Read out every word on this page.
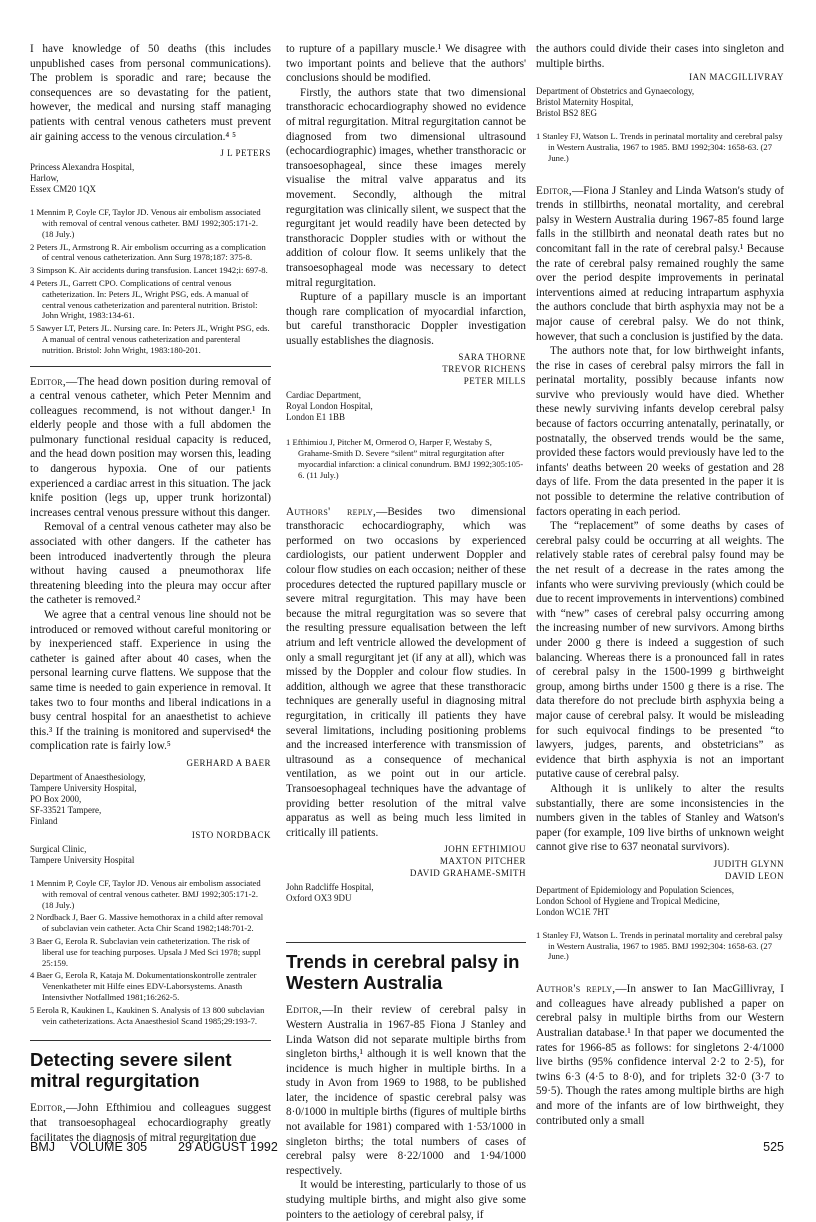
I have knowledge of 50 deaths (this includes unpublished cases from personal communications). The problem is sporadic and rare; because the consequences are so devastating for the patient, however, the medical and nursing staff managing patients with central venous catheters must prevent air gaining access to the venous circulation.⁴ ⁵

J L PETERS
Princess Alexandra Hospital,
Harlow,
Essex CM20 1QX
1 Mennim P, Coyle CF, Taylor JD. Venous air embolism associated with removal of central venous catheter. BMJ 1992;305:171-2. (18 July.)
2 Peters JL, Armstrong R. Air embolism occurring as a complication of central venous catheterization. Ann Surg 1978;187: 375-8.
3 Simpson K. Air accidents during transfusion. Lancet 1942;i: 697-8.
4 Peters JL, Garrett CPO. Complications of central venous catheterization. In: Peters JL, Wright PSG, eds. A manual of central venous catheterization and parenteral nutrition. Bristol: John Wright, 1983:134-61.
5 Sawyer LT, Peters JL. Nursing care. In: Peters JL, Wright PSG, eds. A manual of central venous catheterization and parenteral nutrition. Bristol: John Wright, 1983:180-201.

Editor,—The head down position during removal of a central venous catheter, which Peter Mennim and colleagues recommend, is not without danger.¹ In elderly people and those with a full abdomen the pulmonary functional residual capacity is reduced, and the head down position may worsen this, leading to dangerous hypoxia. One of our patients experienced a cardiac arrest in this situation. The jack knife position (legs up, upper trunk horizontal) increases central venous pressure without this danger.

Removal of a central venous catheter may also be associated with other dangers. If the catheter has been introduced inadvertently through the pleura without having caused a pneumothorax life threatening bleeding into the pleura may occur after the catheter is removed.²

We agree that a central venous line should not be introduced or removed without careful monitoring or by inexperienced staff. Experience in using the catheter is gained after about 40 cases, when the personal learning curve flattens. We suppose that the same time is needed to gain experience in removal. It takes two to four months and liberal indications in a busy central hospital for an anaesthetist to achieve this.³ If the training is monitored and supervised⁴ the complication rate is fairly low.⁵

GERHARD A BAER
Department of Anaesthesiology,
Tampere University Hospital,
PO Box 2000,
SF-33521 Tampere,
Finland
ISTO NORDBACK
Surgical Clinic,
Tampere University Hospital
1 Mennim P, Coyle CF, Taylor JD. Venous air embolism associated with removal of central venous catheter. BMJ 1992;305:171-2. (18 July.)
2 Nordback J, Baer G. Massive hemothorax in a child after removal of subclavian vein catheter. Acta Chir Scand 1982;148:701-2.
3 Baer G, Eerola R. Subclavian vein catheterization. The risk of liberal use for teaching purposes. Upsala J Med Sci 1978; suppl 25:159.
4 Baer G, Eerola R, Kataja M. Dokumentationskontrolle zentraler Venenkatheter mit Hilfe eines EDV-Laborsystems. Anasth Intensivther Notfallmed 1981;16:262-5.
5 Eerola R, Kaukinen L, Kaukinen S. Analysis of 13 800 subclavian vein catheterizations. Acta Anaesthesiol Scand 1985;29:193-7.
Detecting severe silent mitral regurgitation

Editor,—John Efthimiou and colleagues suggest that transoesophageal echocardiography greatly facilitates the diagnosis of mitral regurgitation due

to rupture of a papillary muscle.¹ We disagree with two important points and believe that the authors' conclusions should be modified.

Firstly, the authors state that two dimensional transthoracic echocardiography showed no evidence of mitral regurgitation. Mitral regurgitation cannot be diagnosed from two dimensional ultrasound (echocardiographic) images, whether transthoracic or transoesophageal, since these images merely visualise the mitral valve apparatus and its movement. Secondly, although the mitral regurgitation was clinically silent, we suspect that the regurgitant jet would readily have been detected by transthoracic Doppler studies with or without the addition of colour flow. It seems unlikely that the transoesophageal mode was necessary to detect mitral regurgitation.

Rupture of a papillary muscle is an important though rare complication of myocardial infarction, but careful transthoracic Doppler investigation usually establishes the diagnosis.

SARA THORNE
TREVOR RICHENS
PETER MILLS
Cardiac Department,
Royal London Hospital,
London E1 1BB
1 Efthimiou J, Pitcher M, Ormerod O, Harper F, Westaby S, Grahame-Smith D. Severe “silent” mitral regurgitation after myocardial infarction: a clinical conundrum. BMJ 1992;305:105-6. (11 July.)

Authors' reply,—Besides two dimensional transthoracic echocardiography, which was performed on two occasions by experienced cardiologists, our patient underwent Doppler and colour flow studies on each occasion; neither of these procedures detected the ruptured papillary muscle or severe mitral regurgitation. This may have been because the mitral regurgitation was so severe that the resulting pressure equalisation between the left atrium and left ventricle allowed the development of only a small regurgitant jet (if any at all), which was missed by the Doppler and colour flow studies. In addition, although we agree that these transthoracic techniques are generally useful in diagnosing mitral regurgitation, in critically ill patients they have several limitations, including positioning problems and the increased interference with transmission of ultrasound as a consequence of mechanical ventilation, as we point out in our article. Transoesophageal techniques have the advantage of providing better resolution of the mitral valve apparatus as well as being much less limited in critically ill patients.

JOHN EFTHIMIOU
MAXTON PITCHER
DAVID GRAHAME-SMITH
John Radcliffe Hospital,
Oxford OX3 9DU
Trends in cerebral palsy in Western Australia

Editor,—In their review of cerebral palsy in Western Australia in 1967-85 Fiona J Stanley and Linda Watson did not separate multiple births from singleton births,¹ although it is well known that the incidence is much higher in multiple births. In a study in Avon from 1969 to 1988, to be published later, the incidence of spastic cerebral palsy was 8·0/1000 in multiple births (figures of multiple births not available for 1981) compared with 1·53/1000 in singleton births; the total numbers of cases of cerebral palsy were 8·22/1000 and 1·94/1000 respectively.

It would be interesting, particularly to those of us studying multiple births, and might also give some pointers to the aetiology of cerebral palsy, if

the authors could divide their cases into singleton and multiple births.

IAN MACGILLIVRAY
Department of Obstetrics and Gynaecology,
Bristol Maternity Hospital,
Bristol BS2 8EG
1 Stanley FJ, Watson L. Trends in perinatal mortality and cerebral palsy in Western Australia, 1967 to 1985. BMJ 1992;304: 1658-63. (27 June.)

Editor,—Fiona J Stanley and Linda Watson's study of trends in stillbirths, neonatal mortality, and cerebral palsy in Western Australia during 1967-85 found large falls in the stillbirth and neonatal death rates but no concomitant fall in the rate of cerebral palsy.¹ Because the rate of cerebral palsy remained roughly the same over the period despite improvements in perinatal interventions aimed at reducing intrapartum asphyxia the authors conclude that birth asphyxia may not be a major cause of cerebral palsy. We do not think, however, that such a conclusion is justified by the data.

The authors note that, for low birthweight infants, the rise in cases of cerebral palsy mirrors the fall in perinatal mortality, possibly because infants now survive who previously would have died. Whether these newly surviving infants develop cerebral palsy because of factors occurring antenatally, perinatally, or postnatally, the observed trends would be the same, provided these factors would previously have led to the infants' deaths between 20 weeks of gestation and 28 days of life. From the data presented in the paper it is not possible to determine the relative contribution of factors operating in each period.

The “replacement” of some deaths by cases of cerebral palsy could be occurring at all weights. The relatively stable rates of cerebral palsy found may be the net result of a decrease in the rates among the infants who were surviving previously (which could be due to recent improvements in interventions) combined with “new” cases of cerebral palsy occurring among the increasing number of new survivors. Among births under 2000 g there is indeed a suggestion of such balancing. Whereas there is a pronounced fall in rates of cerebral palsy in the 1500-1999 g birthweight group, among births under 1500 g there is a rise. The data therefore do not preclude birth asphyxia being a major cause of cerebral palsy. It would be misleading for such equivocal findings to be presented “to lawyers, judges, parents, and obstetricians” as evidence that birth asphyxia is not an important putative cause of cerebral palsy.

Although it is unlikely to alter the results substantially, there are some inconsistencies in the numbers given in the tables of Stanley and Watson's paper (for example, 109 live births of unknown weight cannot give rise to 637 neonatal survivors).

JUDITH GLYNN
DAVID LEON
Department of Epidemiology and Population Sciences,
London School of Hygiene and Tropical Medicine,
London WC1E 7HT
1 Stanley FJ, Watson L. Trends in perinatal mortality and cerebral palsy in Western Australia, 1967 to 1985. BMJ 1992;304: 1658-63. (27 June.)

Author's reply,—In answer to Ian MacGillivray, I and colleagues have already published a paper on cerebral palsy in multiple births from our Western Australian database.¹ In that paper we documented the rates for 1966-85 as follows: for singletons 2·4/1000 live births (95% confidence interval 2·2 to 2·5), for twins 6·3 (4·5 to 8·0), and for triplets 32·0 (3·7 to 59·5). Though the rates among multiple births are high and more of the infants are of low birthweight, they contributed only a small

BMJ VOLUME 305 29 AUGUST 1992	525
